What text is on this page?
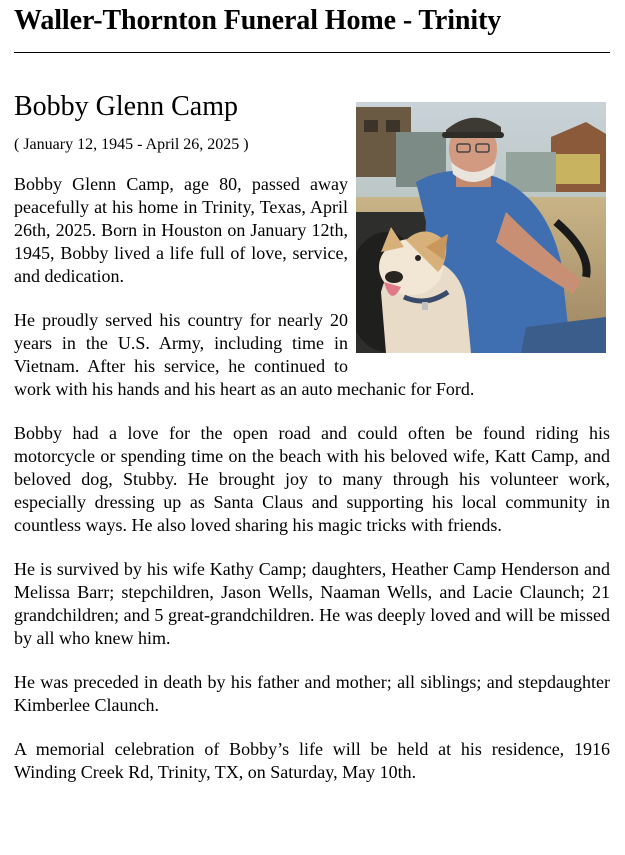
Waller-Thornton Funeral Home - Trinity
Bobby Glenn Camp

( January 12, 1945 - April 26, 2025 )

Bobby Glenn Camp, age 80, passed away peacefully at his home in Trinity, Texas, April 26th, 2025. Born in Houston on January 12th, 1945, Bobby lived a life full of love, service, and dedication.

He proudly served his country for nearly 20 years in the U.S. Army, including time in Vietnam. After his service, he continued to work with his hands and his heart as an auto mechanic for Ford.

Bobby had a love for the open road and could often be found riding his motorcycle or spending time on the beach with his beloved wife, Katt Camp, and beloved dog, Stubby. He brought joy to many through his volunteer work, especially dressing up as Santa Claus and supporting his local community in countless ways. He also loved sharing his magic tricks with friends.

He is survived by his wife Kathy Camp; daughters, Heather Camp Henderson and Melissa Barr; stepchildren, Jason Wells, Naaman Wells, and Lacie Claunch; 21 grandchildren; and 5 great-grandchildren. He was deeply loved and will be missed by all who knew him.

He was preceded in death by his father and mother; all siblings; and stepdaughter Kimberlee Claunch.

A memorial celebration of Bobby’s life will be held at his residence, 1916 Winding Creek Rd, Trinity, TX, on Saturday, May 10th.
